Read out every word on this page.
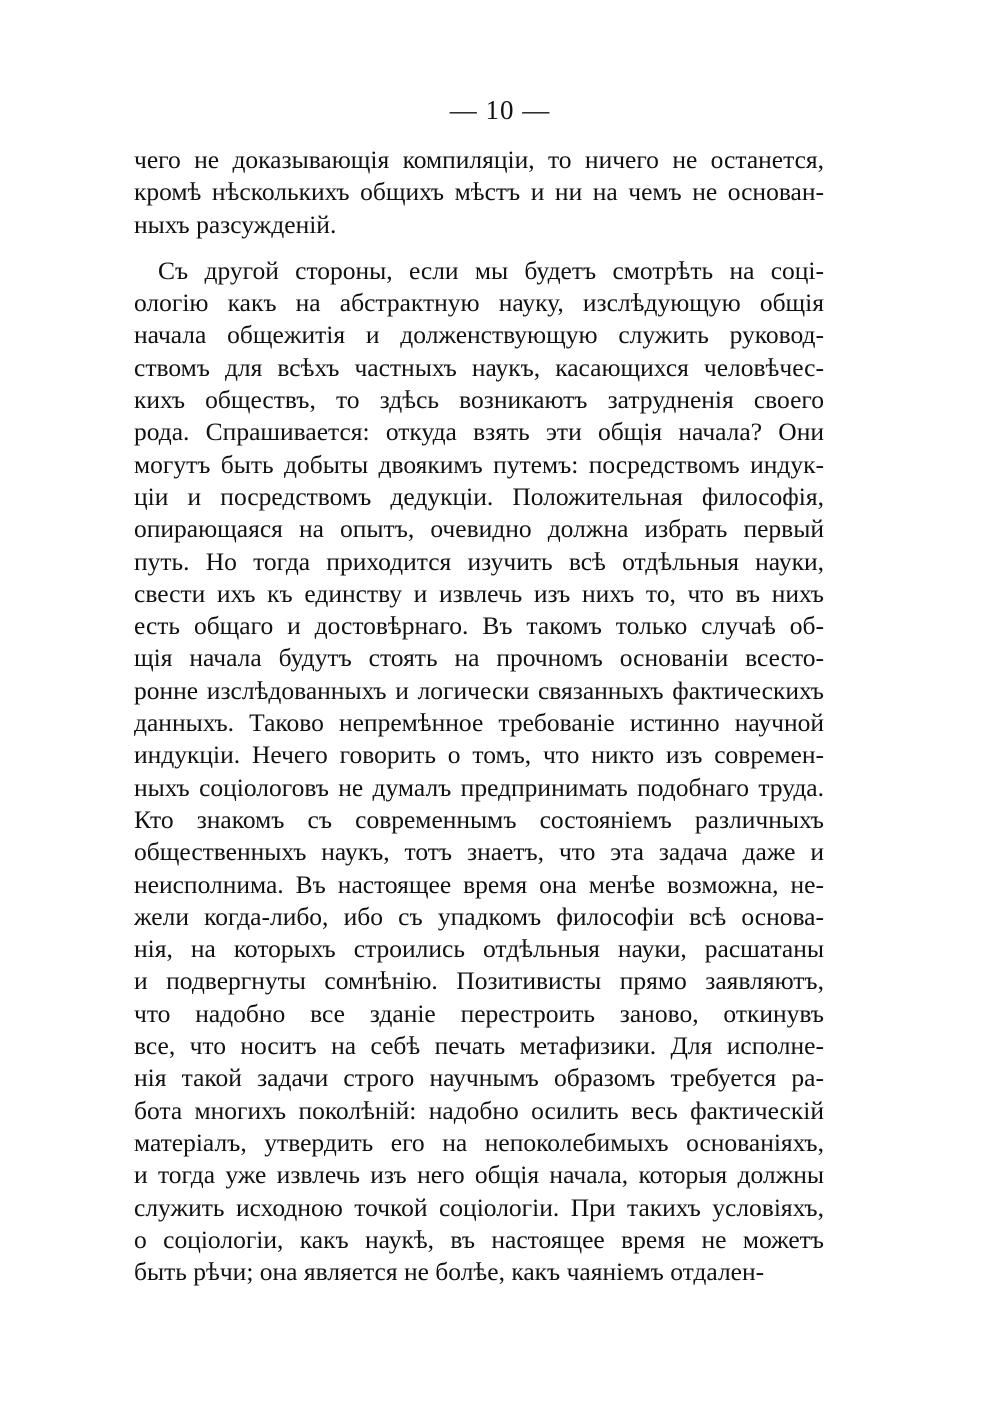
— 10 —
чего не доказывающія компиляціи, то ничего не останется,
кромѣ нѣсколькихъ общихъ мѣстъ и ни на чемъ не основан-
ныхъ разсужденій.
Съ другой стороны, если мы будетъ смотрѣть на соці-
ологію какъ на абстрактную науку, изслѣдующую общія
начала общежитія и долженствующую служить руковод-
ствомъ для всѣхъ частныхъ наукъ, касающихся человѣчес-
кихъ обществъ, то здѣсь возникаютъ затрудненія своего
рода. Спрашивается: откуда взять эти общія начала? Они
могутъ быть добыты двоякимъ путемъ: посредствомъ индук-
ціи и посредствомъ дедукціи. Положительная философія,
опирающаяся на опытъ, очевидно должна избрать первый
путь. Но тогда приходится изучить всѣ отдѣльныя науки,
свести ихъ къ единству и извлечь изъ нихъ то, что въ нихъ
есть общаго и достовѣрнаго. Въ такомъ только случаѣ об-
щія начала будутъ стоять на прочномъ основаніи всесто-
ронне изслѣдованныхъ и логически связанныхъ фактическихъ
данныхъ. Таково непремѣнное требованіе истинно научной
индукціи. Нечего говорить о томъ, что никто изъ современ-
ныхъ соціологовъ не думалъ предпринимать подобнаго труда.
Кто знакомъ съ современнымъ состояніемъ различныхъ
общественныхъ наукъ, тотъ знаетъ, что эта задача даже и
неисполнима. Въ настоящее время она менѣе возможна, не-
жели когда-либо, ибо съ упадкомъ философіи всѣ основа-
нія, на которыхъ строились отдѣльныя науки, расшатаны
и подвергнуты сомнѣнію. Позитивисты прямо заявляютъ,
что надобно все зданіе перестроить заново, откинувъ
все, что носитъ на себѣ печать метафизики. Для исполне-
нія такой задачи строго научнымъ образомъ требуется ра-
бота многихъ поколѣній: надобно осилить весь фактическій
матеріалъ, утвердить его на непоколебимыхъ основаніяхъ,
и тогда уже извлечь изъ него общія начала, которыя должны
служить исходною точкой соціологіи. При такихъ условіяхъ,
о соціологіи, какъ наукѣ, въ настоящее время не можетъ
быть рѣчи; она является не болѣе, какъ чаяніемъ отдален-
